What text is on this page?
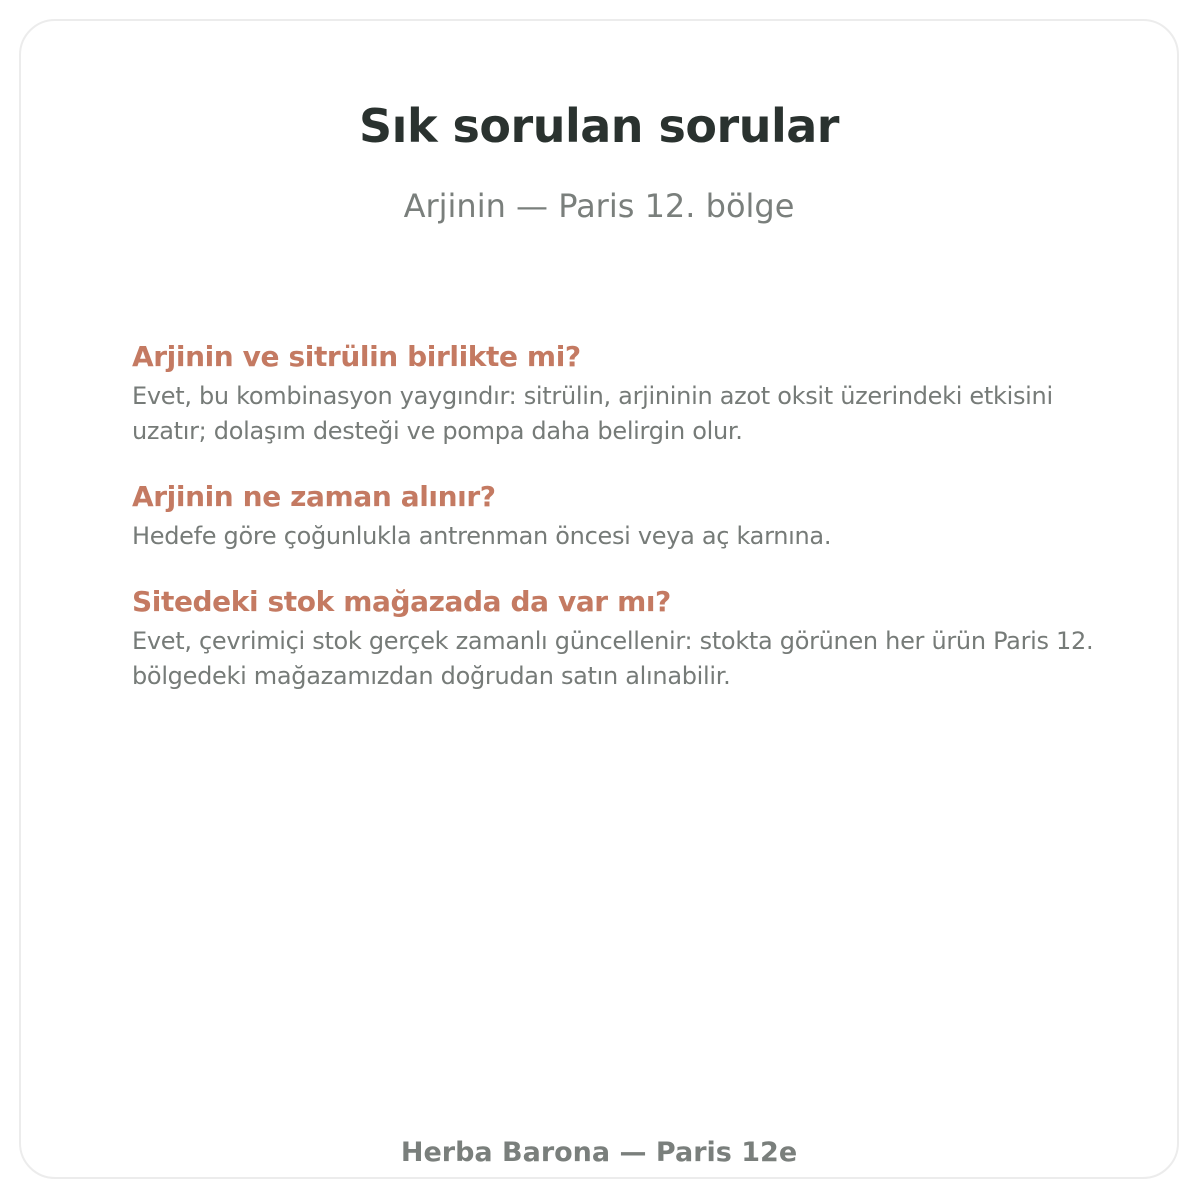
Sık sorulan sorular
Arjinin — Paris 12. bölge
Arjinin ve sitrülin birlikte mi?
Evet, bu kombinasyon yaygındır: sitrülin, arjininin azot oksit üzerindeki etkisini uzatır; dolaşım desteği ve pompa daha belirgin olur.
Arjinin ne zaman alınır?
Hedefe göre çoğunlukla antrenman öncesi veya aç karnına.
Sitedeki stok mağazada da var mı?
Evet, çevrimiçi stok gerçek zamanlı güncellenir: stokta görünen her ürün Paris 12. bölgedeki mağazamızdan doğrudan satın alınabilir.
Herba Barona — Paris 12e
